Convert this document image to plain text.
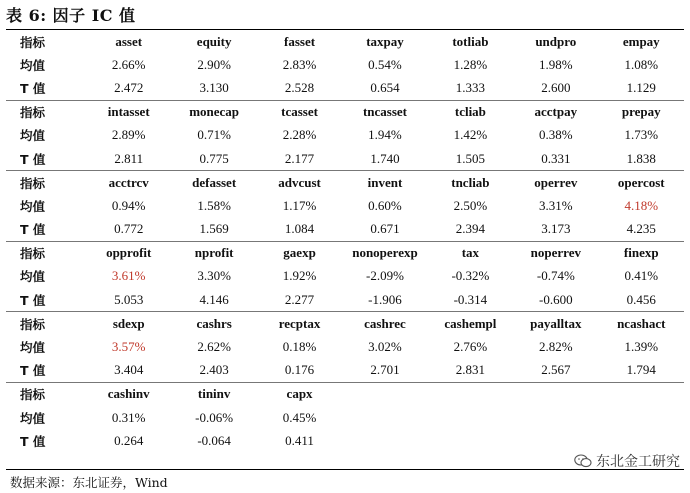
表 6: 因子 IC 值
指标	asset	equity	fasset	taxpay	totliab	undpro	empay
均值	2.66%	2.90%	2.83%	0.54%	1.28%	1.98%	1.08%
T 值	2.472	3.130	2.528	0.654	1.333	2.600	1.129
指标	intasset	monecap	tcasset	tncasset	tcliab	acctpay	prepay
均值	2.89%	0.71%	2.28%	1.94%	1.42%	0.38%	1.73%
T 值	2.811	0.775	2.177	1.740	1.505	0.331	1.838
指标	acctrcv	defasset	advcust	invent	tncliab	operrev	opercost
均值	0.94%	1.58%	1.17%	0.60%	2.50%	3.31%	4.18%
T 值	0.772	1.569	1.084	0.671	2.394	3.173	4.235
指标	opprofit	nprofit	gaexp	nonoperexp	tax	noperrev	finexp
均值	3.61%	3.30%	1.92%	-2.09%	-0.32%	-0.74%	0.41%
T 值	5.053	4.146	2.277	-1.906	-0.314	-0.600	0.456
指标	sdexp	cashrs	recptax	cashrec	cashempl	payalltax	ncashact
均值	3.57%	2.62%	0.18%	3.02%	2.76%	2.82%	1.39%
T 值	3.404	2.403	0.176	2.701	2.831	2.567	1.794
指标	cashinv	tininv	capx				
均值	0.31%	-0.06%	0.45%				
T 值	0.264	-0.064	0.411				
数据来源：东北证券，Wind
东北金工研究
